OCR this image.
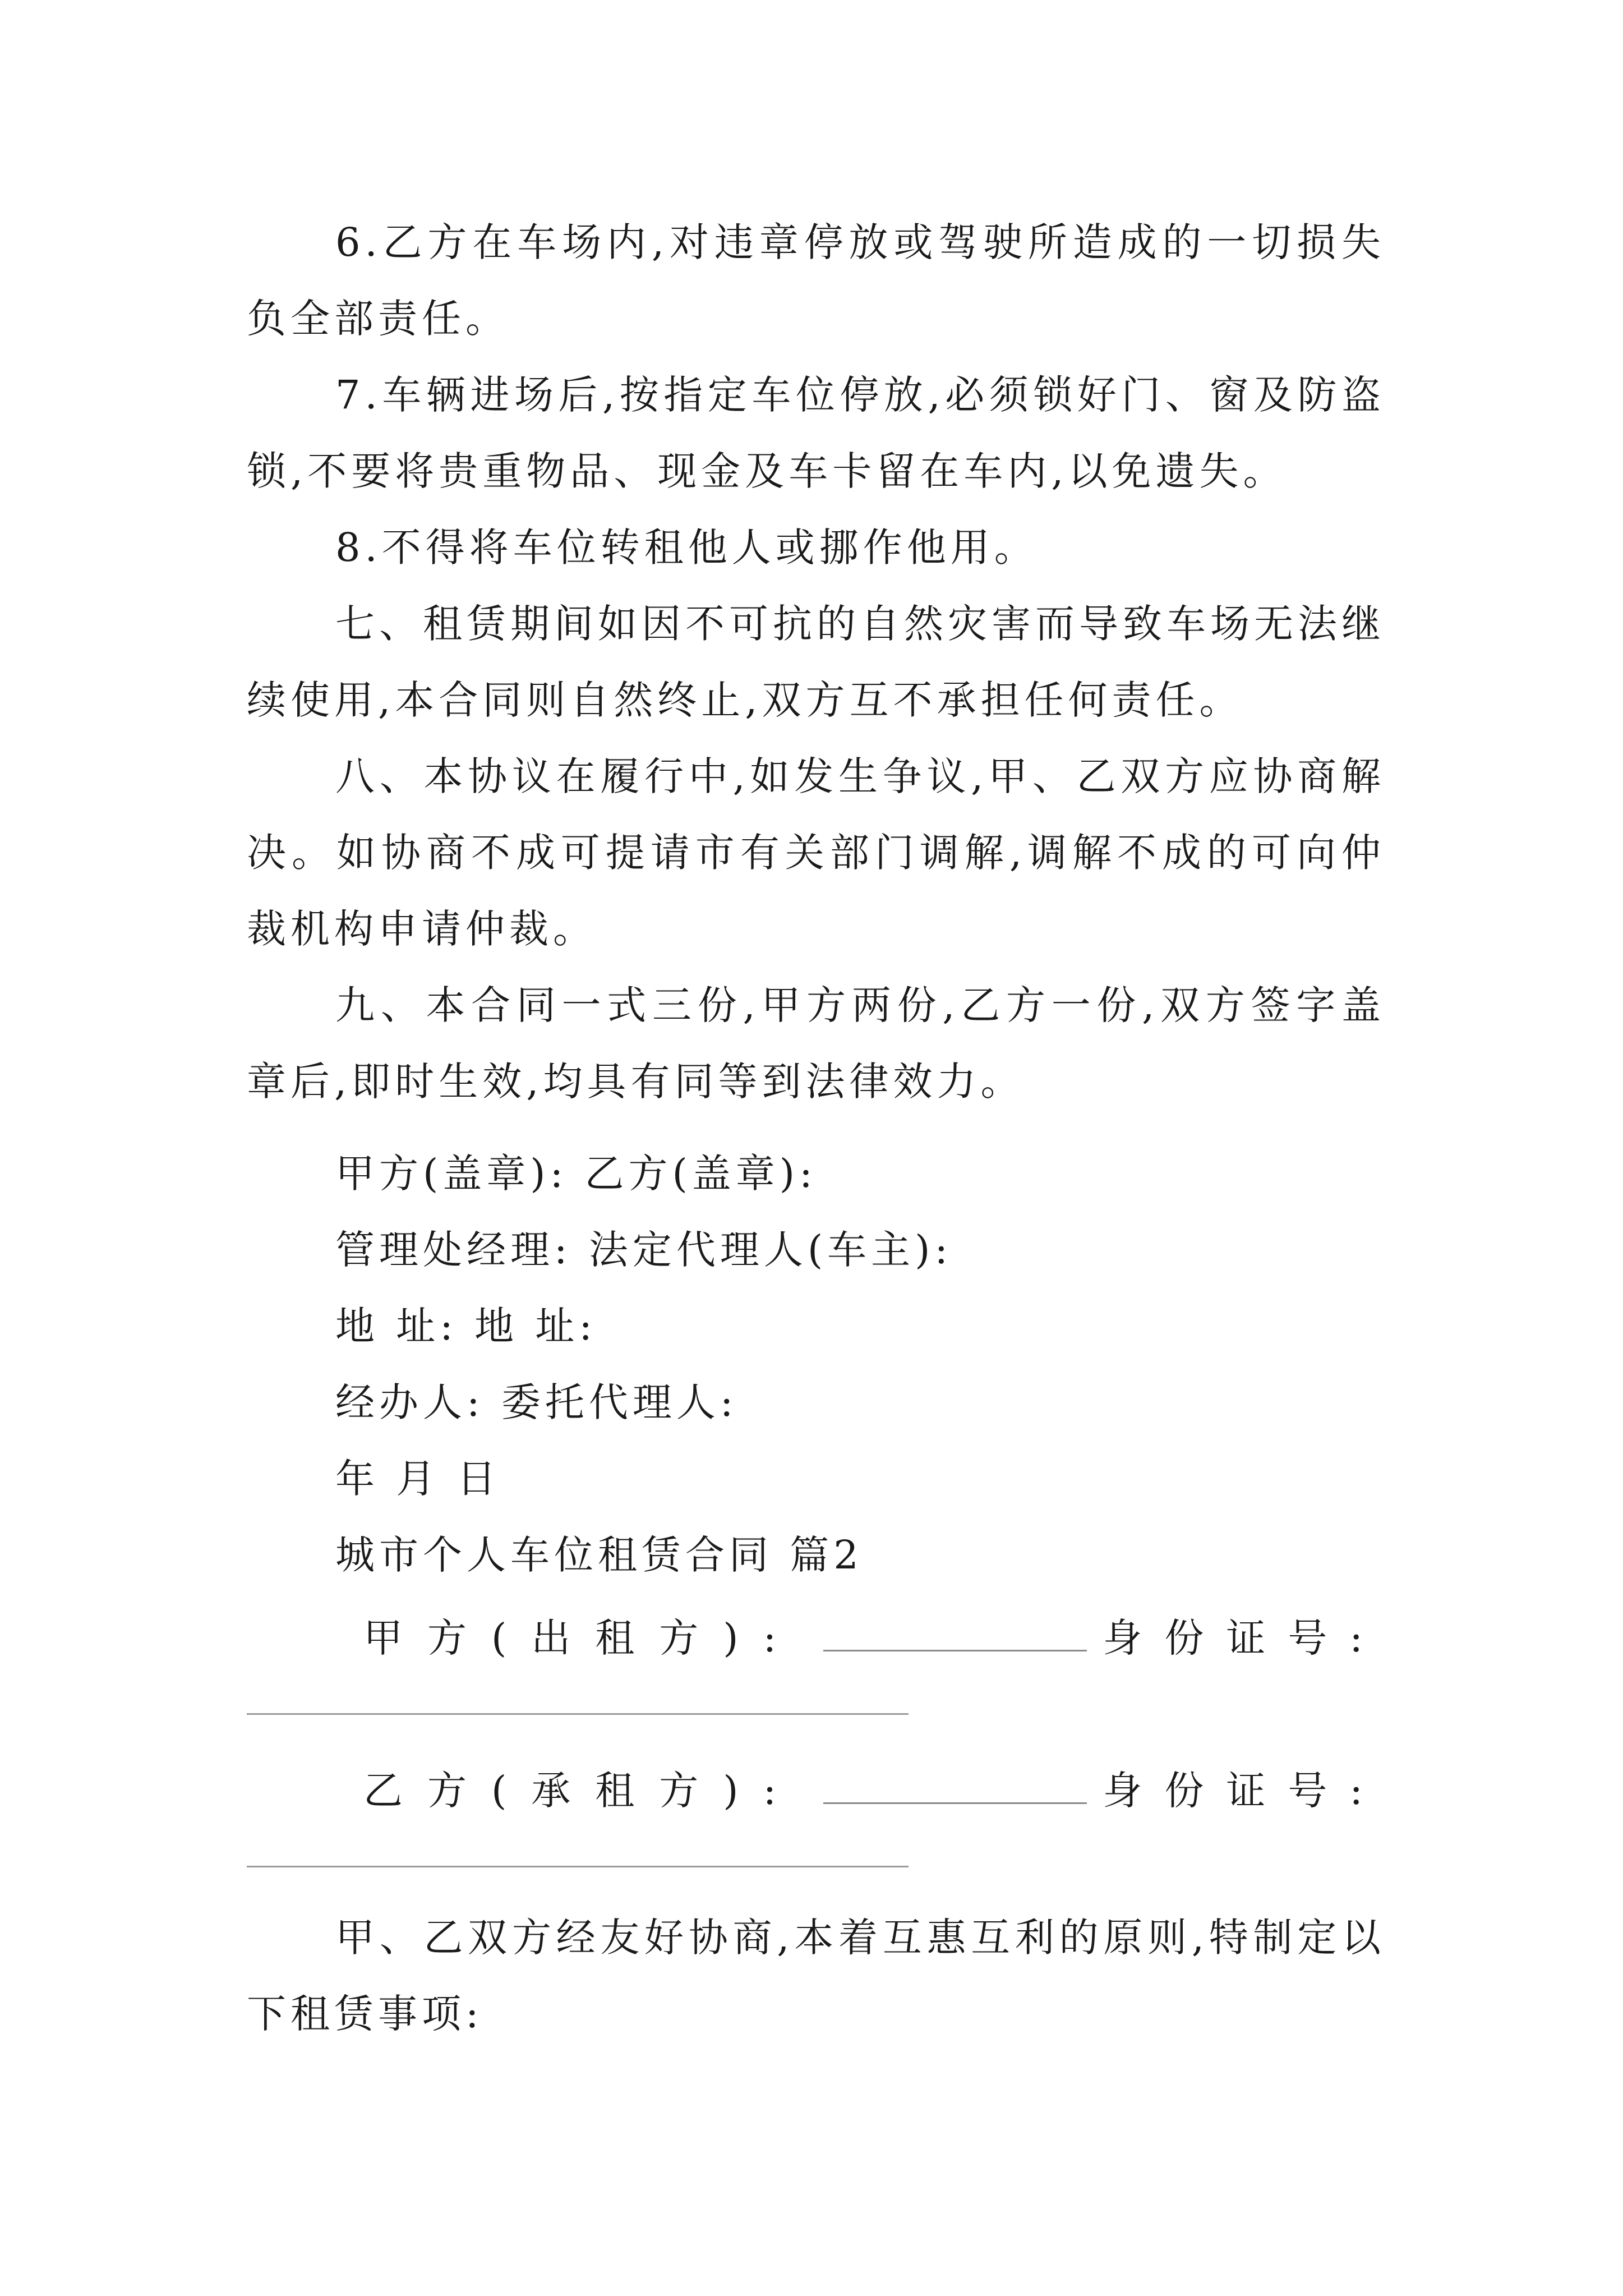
6.乙方在车场内,对违章停放或驾驶所造成的一切损失负全部责任。

7.车辆进场后,按指定车位停放,必须锁好门、窗及防盗锁,不要将贵重物品、现金及车卡留在车内,以免遗失。

8.不得将车位转租他人或挪作他用。

七、租赁期间如因不可抗的自然灾害而导致车场无法继续使用,本合同则自然终止,双方互不承担任何责任。

八、本协议在履行中,如发生争议,甲、乙双方应协商解决。如协商不成可提请市有关部门调解,调解不成的可向仲裁机构申请仲裁。

九、本合同一式三份,甲方两份,乙方一份,双方签字盖章后,即时生效,均具有同等到法律效力。

甲方(盖章): 乙方(盖章):
管理处经理: 法定代理人(车主):
地 址: 地 址:
经办人: 委托代理人:
年 月 日
城市个人车位租赁合同 篇2
甲方(出租方):	身份证号:
乙方(承租方):	身份证号:

甲、乙双方经友好协商,本着互惠互利的原则,特制定以下租赁事项:
